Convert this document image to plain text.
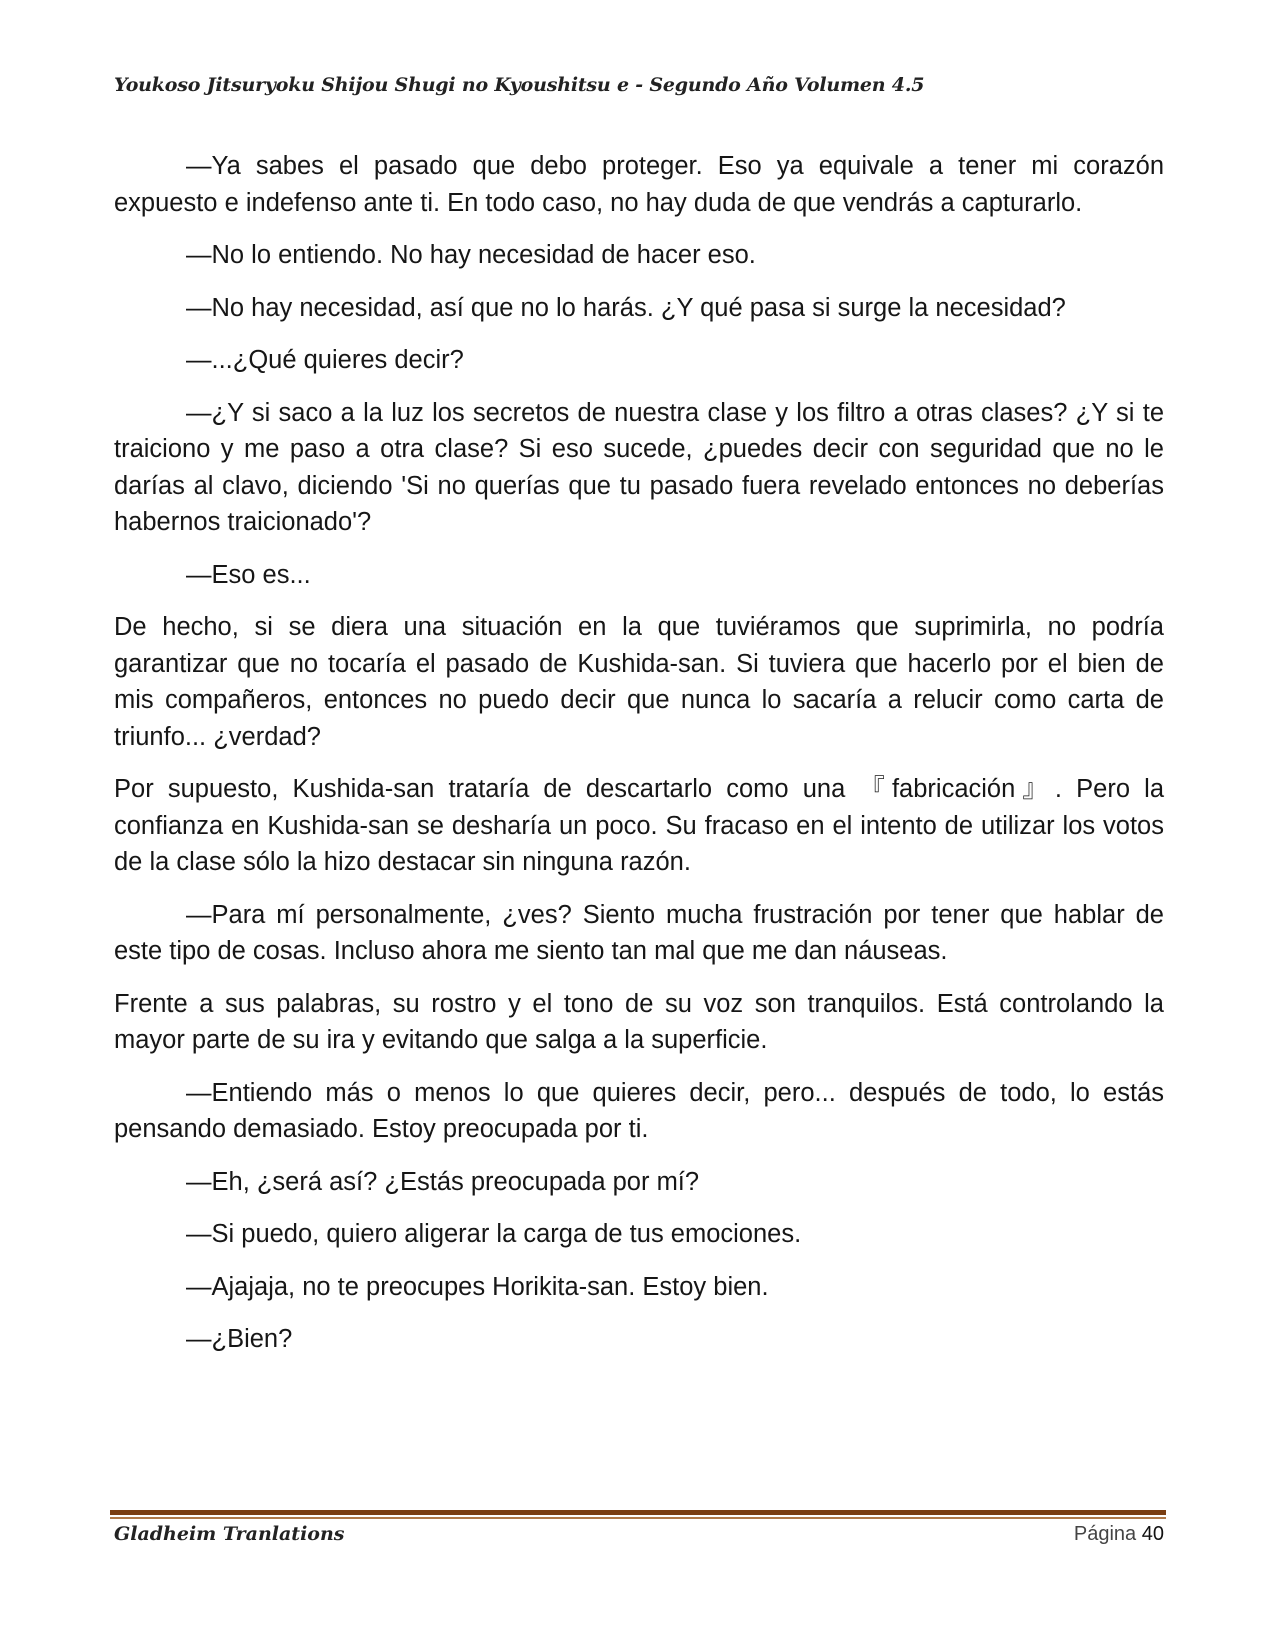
Youkoso Jitsuryoku Shijou Shugi no Kyoushitsu e - Segundo Año Volumen 4.5

—Ya sabes el pasado que debo proteger. Eso ya equivale a tener mi corazón expuesto e indefenso ante ti. En todo caso, no hay duda de que vendrás a capturarlo.

—No lo entiendo. No hay necesidad de hacer eso.

—No hay necesidad, así que no lo harás. ¿Y qué pasa si surge la necesidad?

—...¿Qué quieres decir?

—¿Y si saco a la luz los secretos de nuestra clase y los filtro a otras clases? ¿Y si te traiciono y me paso a otra clase? Si eso sucede, ¿puedes decir con seguridad que no le darías al clavo, diciendo 'Si no querías que tu pasado fuera revelado entonces no deberías habernos traicionado'?

—Eso es...

De hecho, si se diera una situación en la que tuviéramos que suprimirla, no podría garantizar que no tocaría el pasado de Kushida-san. Si tuviera que hacerlo por el bien de mis compañeros, entonces no puedo decir que nunca lo sacaría a relucir como carta de triunfo... ¿verdad?

Por supuesto, Kushida-san trataría de descartarlo como una 『fabricación』. Pero la confianza en Kushida-san se desharía un poco. Su fracaso en el intento de utilizar los votos de la clase sólo la hizo destacar sin ninguna razón.

—Para mí personalmente, ¿ves? Siento mucha frustración por tener que hablar de este tipo de cosas. Incluso ahora me siento tan mal que me dan náuseas.

Frente a sus palabras, su rostro y el tono de su voz son tranquilos. Está controlando la mayor parte de su ira y evitando que salga a la superficie.

—Entiendo más o menos lo que quieres decir, pero... después de todo, lo estás pensando demasiado. Estoy preocupada por ti.

—Eh, ¿será así? ¿Estás preocupada por mí?

—Si puedo, quiero aligerar la carga de tus emociones.

—Ajajaja, no te preocupes Horikita-san. Estoy bien.

—¿Bien?

Gladheim Tranlations	Página 40
